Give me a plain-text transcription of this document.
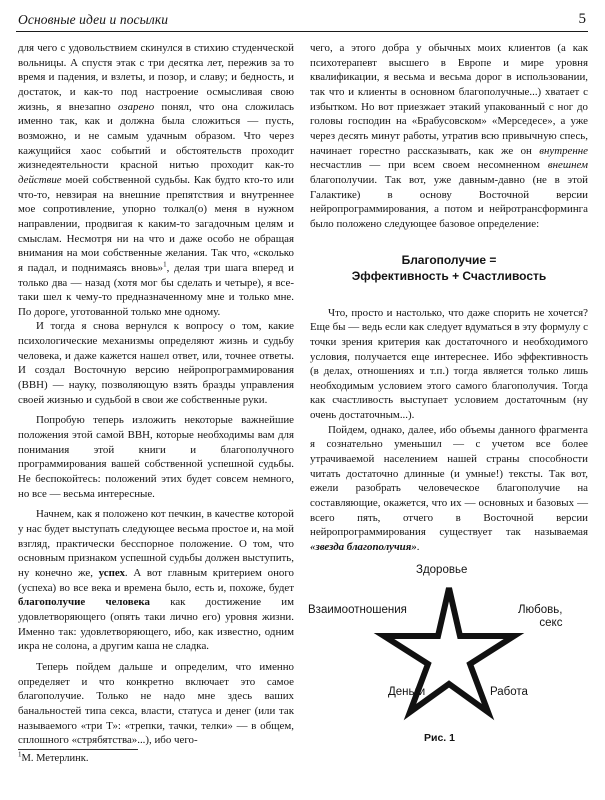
Основные идеи и посылки	5

для чего с удовольствием скинулся в стихию студенческой вольницы. А спустя этак с три десятка лет, пережив за то время и падения, и взлеты, и позор, и славу; и бедность, и достаток, и как-то под настроение осмысливая свою жизнь, я внезапно озарено понял, что она сложилась именно так, как и должна была сложиться — пусть, возможно, и не самым удачным образом. Что через кажущийся хаос событий и обстоятельств проходит жизнедеятельности красной нитью проходит как-то действие моей собственной судьбы. Как будто кто-то или что-то, невзирая на внешние препятствия и внутреннее мое сопротивление, упорно толкал(о) меня в нужном направлении, продвигая к каким-то загадочным целям и смыслам. Несмотря ни на что и даже особо не обращая внимания на мои собственные желания. Так что, «сколько я падал, и поднимаясь вновь»$^1$, делая три шага вперед и только два — назад (хотя мог бы сделать и четыре), я все-таки шел к чему-то предназначенному мне и только мне. По дороге, уготованной только мне одному.

И тогда я снова вернулся к вопросу о том, какие психологические механизмы определяют жизнь и судьбу человека, и даже кажется нашел ответ, или, точнее ответы. И создал Восточную версию нейропрограммирования (ВВН) — науку, позволяющую взять бразды управления своей жизнью и судьбой в свои же собственные руки.

Попробую теперь изложить некоторые важнейшие положения этой самой ВВН, которые необходимы вам для понимания этой книги и благополучного программирования вашей собственной успешной судьбы. Не беспокойтесь: положений этих будет совсем немного, но все — весьма интересные.

Начнем, как я положено кот печкин, в качестве которой у нас будет выступать следующее весьма простое и, на мой взгляд, практически бесспорное положение. О том, что основным признаком успешной судьбы должен выступить, ну конечно же, успех. А вот главным критерием оного (успеха) во все века и времена было, есть и, похоже, будет благополучие человека как достижение им удовлетворяющего (опять таки лично его) уровня жизни. Именно так: удовлетворяющего, ибо, как известно, одним икра не солона, а другим каша не сладка.

Теперь пойдем дальше и определим, что именно определяет и что конкретно включает это самое благополучие. Только не надо мне здесь ваших банальностей типа секса, власти, статуса и денег (или так называемого «три Т»: «трепки, тачки, телки» — в общем, сплошного «стрябятства»...), ибо чего-

чего, а этого добра у обычных моих клиентов (а как психотерапевт высшего в Европе и мире уровня квалификации, я весьма и весьма дорог в использовании, так что и клиенты в основном благополучные...) хватает с избытком. Но вот приезжает этакий упакованный с ног до головы господин на «Брабусовском» «Мерседесе», а уже через десять минут работы, утратив всю привычную спесь, начинает горестно рассказывать, как же он внутренне несчастлив — при всем своем несомненном внешнем благополучии. Так вот, уже давным-давно (не в этой Галактике) в основу Восточной версии нейропрограммирования, а потом и нейротрансформинга было положено следующее базовое определение:

Благополучие =
Эффективность + Счастливость

Что, просто и настолько, что даже спорить не хочется? Еще бы — ведь если как следует вдуматься в эту формулу с точки зрения критерия как достаточного и необходимого условия, получается еще интереснее. Ибо эффективность (в делах, отношениях и т.п.) тогда является только лишь необходимым условием этого самого благополучия. Тогда как счастливость выступает условием достаточным (ну очень достаточным...).

Пойдем, однако, далее, ибо объемы данного фрагмента я сознательно уменьшил — с учетом все более утрачиваемой населением нашей страны способности читать достаточно длинные (и умные!) тексты. Так вот, ежели разобрать человеческое благополучие на составляющие, окажется, что их — основных и базовых — всего пять, отчего в Восточной версии нейропрограммирования существует так называемая «звезда благополучия».

Здоровье
Взаимоотношения	Любовь,
секс
Деньги	Работа
Рис. 1
$^1$М. Метерлинк.
